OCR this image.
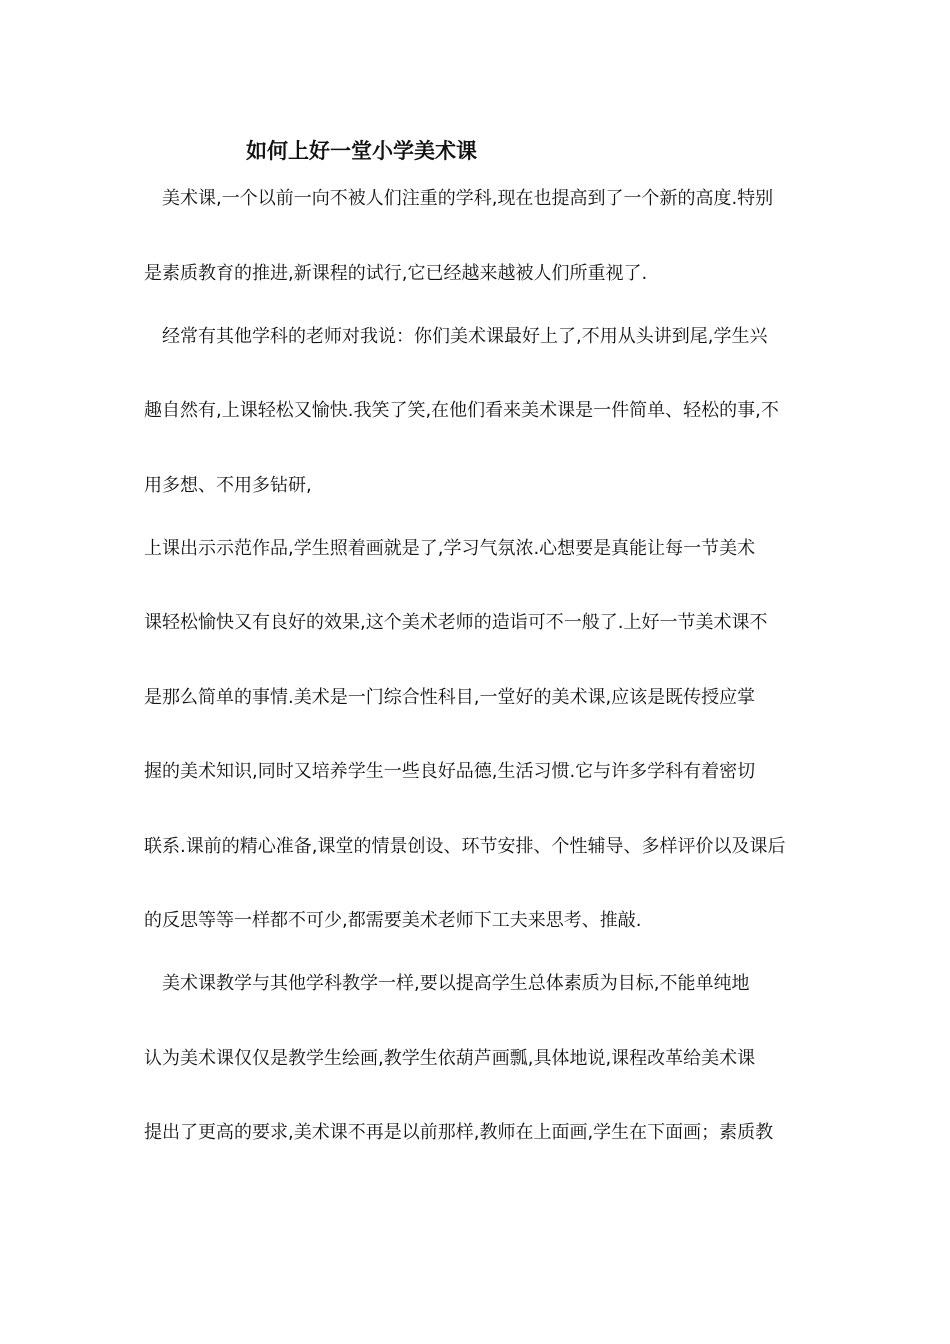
如何上好一堂小学美术课
　美术课,一个以前一向不被人们注重的学科,现在也提高到了一个新的高度.特别
是素质教育的推进,新课程的试行,它已经越来越被人们所重视了.
　经常有其他学科的老师对我说：你们美术课最好上了,不用从头讲到尾,学生兴
趣自然有,上课轻松又愉快.我笑了笑,在他们看来美术课是一件简单、轻松的事,不
用多想、不用多钻研,
上课出示示范作品,学生照着画就是了,学习气氛浓.心想要是真能让每一节美术
课轻松愉快又有良好的效果,这个美术老师的造诣可不一般了.上好一节美术课不
是那么简单的事情.美术是一门综合性科目,一堂好的美术课,应该是既传授应掌
握的美术知识,同时又培养学生一些良好品德,生活习惯.它与许多学科有着密切
联系.课前的精心准备,课堂的情景创设、环节安排、个性辅导、多样评价以及课后
的反思等等一样都不可少,都需要美术老师下工夫来思考、推敲.
　美术课教学与其他学科教学一样,要以提高学生总体素质为目标,不能单纯地
认为美术课仅仅是教学生绘画,教学生依葫芦画瓢,具体地说,课程改革给美术课
提出了更高的要求,美术课不再是以前那样,教师在上面画,学生在下面画；素质教
